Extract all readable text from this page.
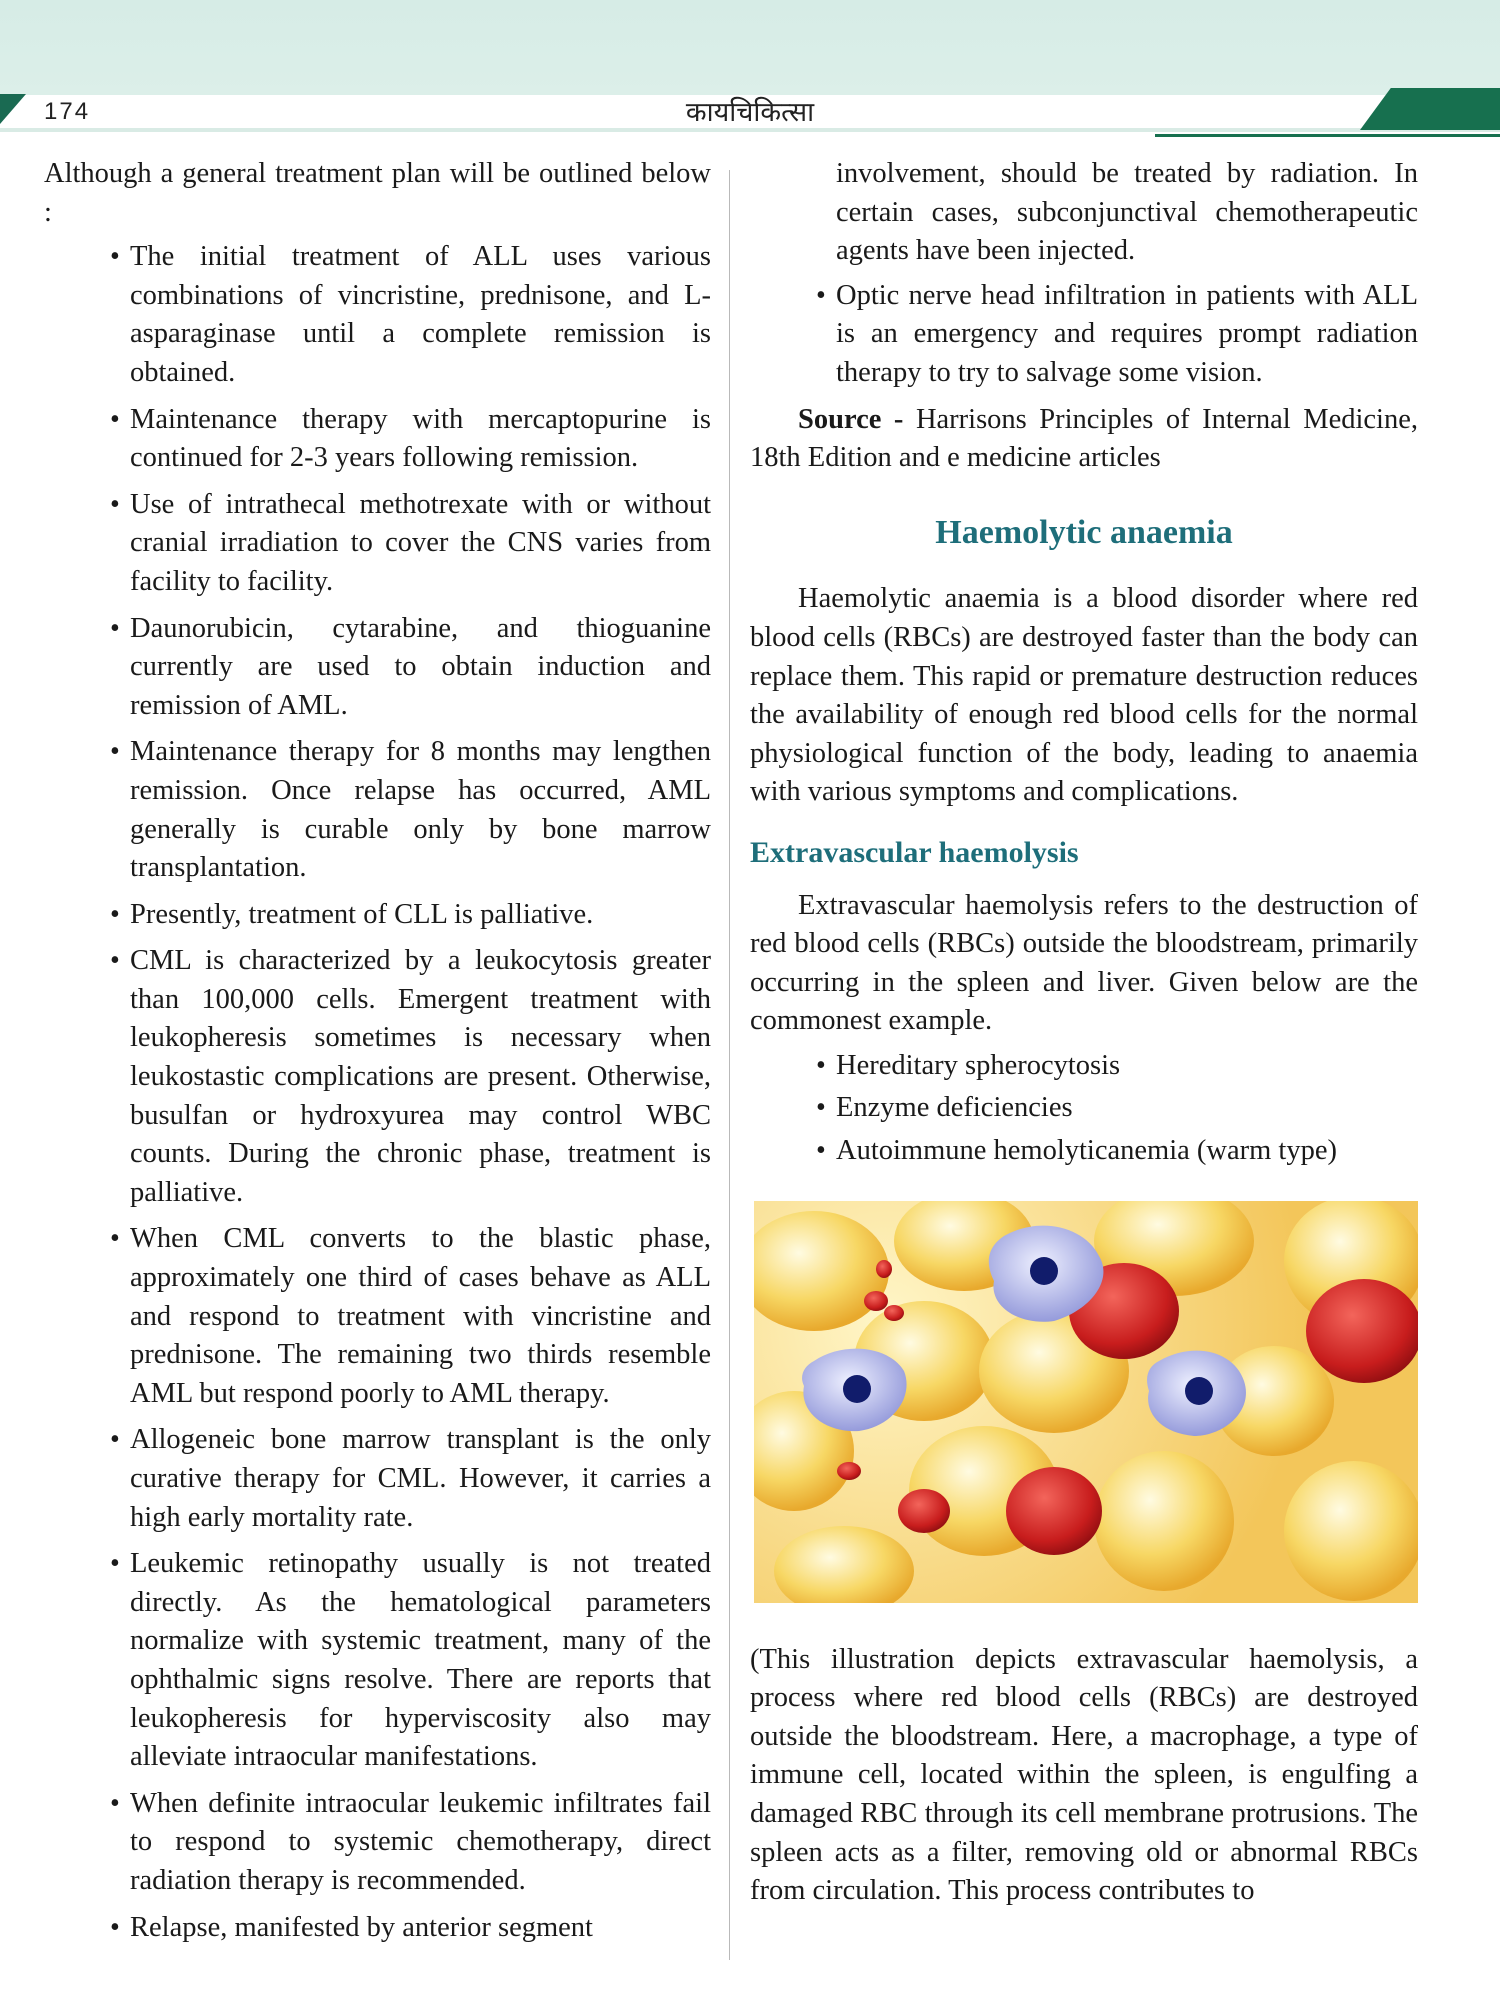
174	कायचिकित्सा

Although a general treatment plan will be outlined below :

• The initial treatment of ALL uses various combinations of vincristine, prednisone, and L-asparaginase until a complete remission is obtained.
• Maintenance therapy with mercaptopurine is continued for 2-3 years following remission.
• Use of intrathecal methotrexate with or without cranial irradiation to cover the CNS varies from facility to facility.
• Daunorubicin, cytarabine, and thioguanine currently are used to obtain induction and remission of AML.
• Maintenance therapy for 8 months may lengthen remission. Once relapse has occurred, AML generally is curable only by bone marrow transplantation.
• Presently, treatment of CLL is palliative.
• CML is characterized by a leukocytosis greater than 100,000 cells. Emergent treatment with leukopheresis sometimes is necessary when leukostastic complications are present. Otherwise, busulfan or hydroxyurea may control WBC counts. During the chronic phase, treatment is palliative.
• When CML converts to the blastic phase, approximately one third of cases behave as ALL and respond to treatment with vincristine and prednisone. The remaining two thirds resemble AML but respond poorly to AML therapy.
• Allogeneic bone marrow transplant is the only curative therapy for CML. However, it carries a high early mortality rate.
• Leukemic retinopathy usually is not treated directly. As the hematological parameters normalize with systemic treatment, many of the ophthalmic signs resolve. There are reports that leukopheresis for hyperviscosity also may alleviate intraocular manifestations.
• When definite intraocular leukemic infiltrates fail to respond to systemic chemotherapy, direct radiation therapy is recommended.
• Relapse, manifested by anterior segment

involvement, should be treated by radiation. In certain cases, subconjunctival chemotherapeutic agents have been injected.

• Optic nerve head infiltration in patients with ALL is an emergency and requires prompt radiation therapy to try to salvage some vision.

Source - Harrisons Principles of Internal Medicine, 18th Edition and e medicine articles

Haemolytic anaemia

Haemolytic anaemia is a blood disorder where red blood cells (RBCs) are destroyed faster than the body can replace them. This rapid or premature destruction reduces the availability of enough red blood cells for the normal physiological function of the body, leading to anaemia with various symptoms and complications.

Extravascular haemolysis

Extravascular haemolysis refers to the destruction of red blood cells (RBCs) outside the bloodstream, primarily occurring in the spleen and liver. Given below are the commonest example.

• Hereditary spherocytosis
• Enzyme deficiencies
• Autoimmune hemolyticanemia (warm type)

(This illustration depicts extravascular haemolysis, a process where red blood cells (RBCs) are destroyed outside the bloodstream. Here, a macrophage, a type of immune cell, located within the spleen, is engulfing a damaged RBC through its cell membrane protrusions. The spleen acts as a filter, removing old or abnormal RBCs from circulation. This process contributes to
